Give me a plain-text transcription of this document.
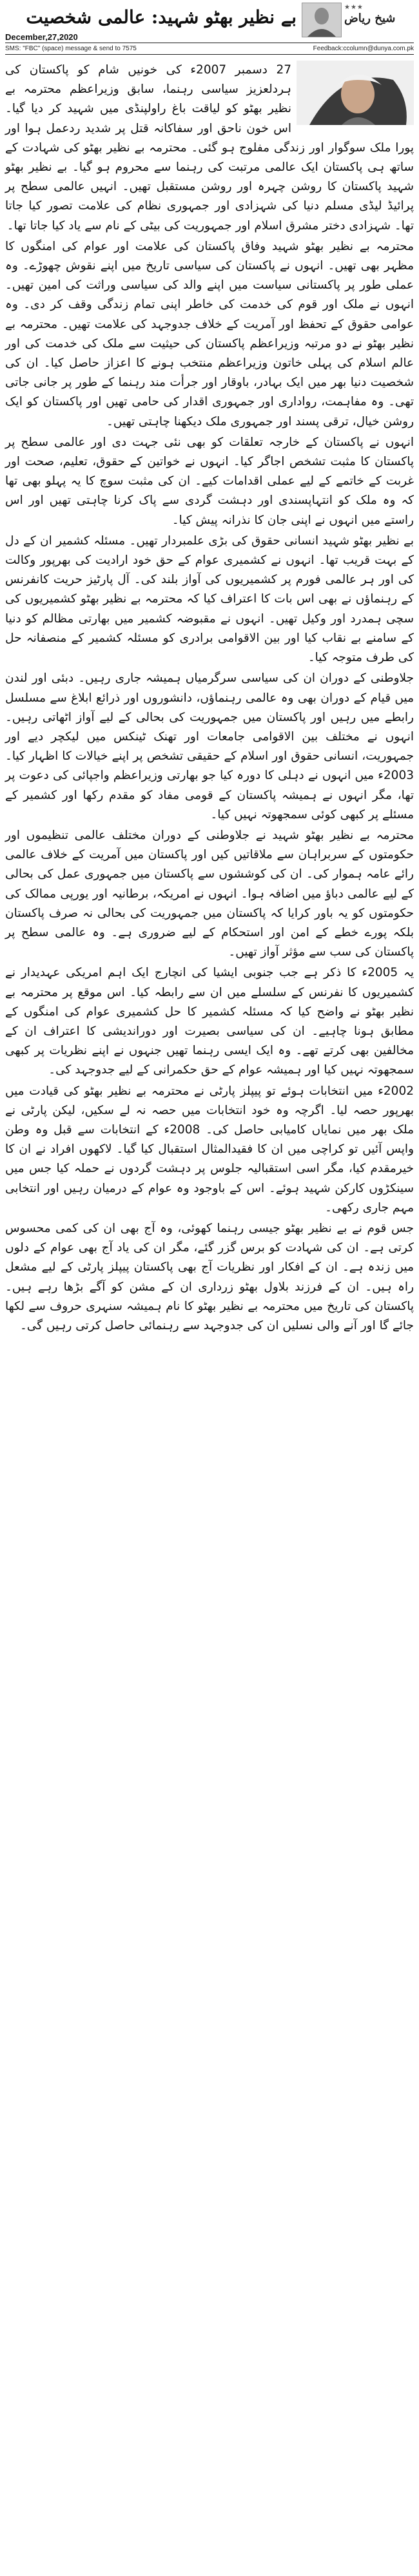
★★★
شیخ ریاض
بے نظیر بھٹو شہید: عالمی شخصیت
December,27,2020
SMS: "FBC" (space) message & send to 7575	Feedback:ccolumn@dunya.com.pk

27 دسمبر 2007ء کی خونیں شام کو پاکستان کی ہردلعزیز سیاسی رہنما، سابق وزیراعظم محترمہ بے نظیر بھٹو کو لیاقت باغ راولپنڈی میں شہید کر دیا گیا۔ اس خون ناحق اور سفاکانہ قتل پر شدید ردعمل ہوا اور پورا ملک سوگوار اور زندگی مفلوج ہو گئی۔ محترمہ بے نظیر بھٹو کی شہادت کے ساتھ ہی پاکستان ایک عالمی مرتبت کی رہنما سے محروم ہو گیا۔ بے نظیر بھٹو شہید پاکستان کا روشن چہرہ اور روشن مستقبل تھیں۔ انہیں عالمی سطح پر پرائیڈ لیڈی مسلم دنیا کی شہزادی اور جمہوری نظام کی علامت تصور کیا جاتا تھا۔ شہزادی دختر مشرق اسلام اور جمہوریت کی بیٹی کے نام سے یاد کیا جاتا تھا۔

محترمہ بے نظیر بھٹو شہید وفاق پاکستان کی علامت اور عوام کی امنگوں کا مظہر بھی تھیں۔ انہوں نے پاکستان کی سیاسی تاریخ میں اپنے نقوش چھوڑے۔ وہ عملی طور پر پاکستانی سیاست میں اپنے والد کی سیاسی وراثت کی امین تھیں۔ انہوں نے ملک اور قوم کی خدمت کی خاطر اپنی تمام زندگی وقف کر دی۔ وہ عوامی حقوق کے تحفظ اور آمریت کے خلاف جدوجہد کی علامت تھیں۔ محترمہ بے نظیر بھٹو نے دو مرتبہ وزیراعظم پاکستان کی حیثیت سے ملک کی خدمت کی اور عالم اسلام کی پہلی خاتون وزیراعظم منتخب ہونے کا اعزاز حاصل کیا۔ ان کی شخصیت دنیا بھر میں ایک بہادر، باوقار اور جرأت مند رہنما کے طور پر جانی جاتی تھی۔ وہ مفاہمت، رواداری اور جمہوری اقدار کی حامی تھیں اور پاکستان کو ایک روشن خیال، ترقی پسند اور جمہوری ملک دیکھنا چاہتی تھیں۔

انہوں نے پاکستان کے خارجہ تعلقات کو بھی نئی جہت دی اور عالمی سطح پر پاکستان کا مثبت تشخص اجاگر کیا۔ انہوں نے خواتین کے حقوق، تعلیم، صحت اور غربت کے خاتمے کے لیے عملی اقدامات کیے۔ ان کی مثبت سوچ کا یہ پہلو بھی تھا کہ وہ ملک کو انتہاپسندی اور دہشت گردی سے پاک کرنا چاہتی تھیں اور اس راستے میں انہوں نے اپنی جان کا نذرانہ پیش کیا۔

بے نظیر بھٹو شہید انسانی حقوق کی بڑی علمبردار تھیں۔ مسئلہ کشمیر ان کے دل کے بہت قریب تھا۔ انہوں نے کشمیری عوام کے حق خود ارادیت کی بھرپور وکالت کی اور ہر عالمی فورم پر کشمیریوں کی آواز بلند کی۔ آل پارٹیز حریت کانفرنس کے رہنماؤں نے بھی اس بات کا اعتراف کیا کہ محترمہ بے نظیر بھٹو کشمیریوں کی سچی ہمدرد اور وکیل تھیں۔ انہوں نے مقبوضہ کشمیر میں بھارتی مظالم کو دنیا کے سامنے بے نقاب کیا اور بین الاقوامی برادری کو مسئلہ کشمیر کے منصفانہ حل کی طرف متوجہ کیا۔

جلاوطنی کے دوران ان کی سیاسی سرگرمیاں ہمیشہ جاری رہیں۔ دبئی اور لندن میں قیام کے دوران بھی وہ عالمی رہنماؤں، دانشوروں اور ذرائع ابلاغ سے مسلسل رابطے میں رہیں اور پاکستان میں جمہوریت کی بحالی کے لیے آواز اٹھاتی رہیں۔ انہوں نے مختلف بین الاقوامی جامعات اور تھنک ٹینکس میں لیکچر دیے اور جمہوریت، انسانی حقوق اور اسلام کے حقیقی تشخص پر اپنے خیالات کا اظہار کیا۔ 2003ء میں انہوں نے دہلی کا دورہ کیا جو بھارتی وزیراعظم واجپائی کی دعوت پر تھا، مگر انہوں نے ہمیشہ پاکستان کے قومی مفاد کو مقدم رکھا اور کشمیر کے مسئلے پر کبھی کوئی سمجھوتہ نہیں کیا۔

محترمہ بے نظیر بھٹو شہید نے جلاوطنی کے دوران مختلف عالمی تنظیموں اور حکومتوں کے سربراہان سے ملاقاتیں کیں اور پاکستان میں آمریت کے خلاف عالمی رائے عامہ ہموار کی۔ ان کی کوششوں سے پاکستان میں جمہوری عمل کی بحالی کے لیے عالمی دباؤ میں اضافہ ہوا۔ انہوں نے امریکہ، برطانیہ اور یورپی ممالک کی حکومتوں کو یہ باور کرایا کہ پاکستان میں جمہوریت کی بحالی نہ صرف پاکستان بلکہ پورے خطے کے امن اور استحکام کے لیے ضروری ہے۔ وہ عالمی سطح پر پاکستان کی سب سے مؤثر آواز تھیں۔

یہ 2005ء کا ذکر ہے جب جنوبی ایشیا کی انچارج ایک اہم امریکی عہدیدار نے کشمیریوں کا نفرنس کے سلسلے میں ان سے رابطہ کیا۔ اس موقع پر محترمہ بے نظیر بھٹو نے واضح کیا کہ مسئلہ کشمیر کا حل کشمیری عوام کی امنگوں کے مطابق ہونا چاہیے۔ ان کی سیاسی بصیرت اور دوراندیشی کا اعتراف ان کے مخالفین بھی کرتے تھے۔ وہ ایک ایسی رہنما تھیں جنہوں نے اپنے نظریات پر کبھی سمجھوتہ نہیں کیا اور ہمیشہ عوام کے حق حکمرانی کے لیے جدوجہد کی۔

2002ء میں انتخابات ہوئے تو پیپلز پارٹی نے محترمہ بے نظیر بھٹو کی قیادت میں بھرپور حصہ لیا۔ اگرچہ وہ خود انتخابات میں حصہ نہ لے سکیں، لیکن پارٹی نے ملک بھر میں نمایاں کامیابی حاصل کی۔ 2008ء کے انتخابات سے قبل وہ وطن واپس آئیں تو کراچی میں ان کا فقیدالمثال استقبال کیا گیا۔ لاکھوں افراد نے ان کا خیرمقدم کیا، مگر اسی استقبالیہ جلوس پر دہشت گردوں نے حملہ کیا جس میں سینکڑوں کارکن شہید ہوئے۔ اس کے باوجود وہ عوام کے درمیان رہیں اور انتخابی مہم جاری رکھی۔

جس قوم نے بے نظیر بھٹو جیسی رہنما کھوئی، وہ آج بھی ان کی کمی محسوس کرتی ہے۔ ان کی شہادت کو برس گزر گئے، مگر ان کی یاد آج بھی عوام کے دلوں میں زندہ ہے۔ ان کے افکار اور نظریات آج بھی پاکستان پیپلز پارٹی کے لیے مشعل راہ ہیں۔ ان کے فرزند بلاول بھٹو زرداری ان کے مشن کو آگے بڑھا رہے ہیں۔ پاکستان کی تاریخ میں محترمہ بے نظیر بھٹو کا نام ہمیشہ سنہری حروف سے لکھا جائے گا اور آنے والی نسلیں ان کی جدوجہد سے رہنمائی حاصل کرتی رہیں گی۔
